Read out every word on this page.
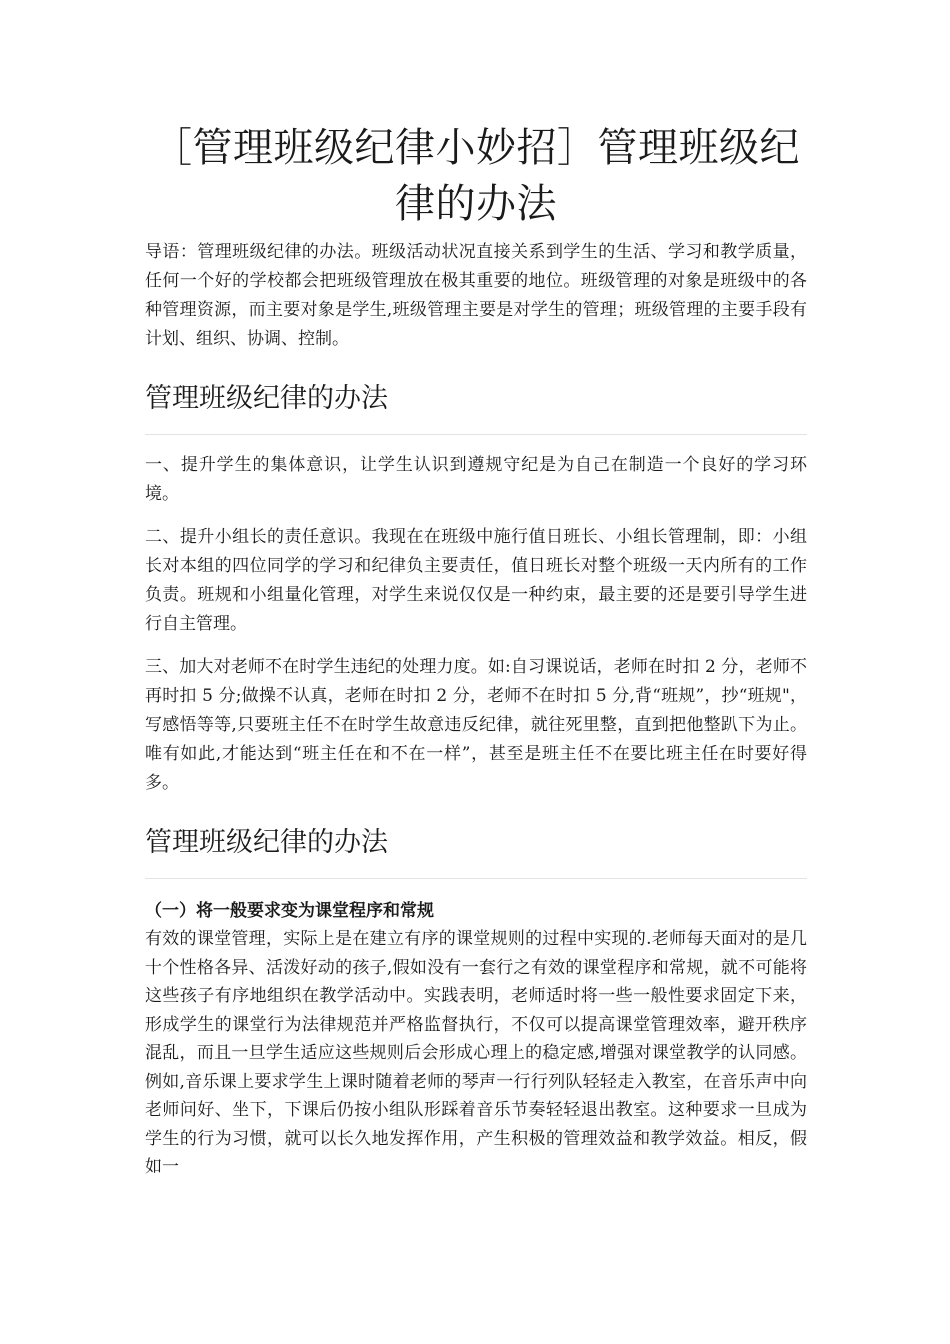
［管理班级纪律小妙招］管理班级纪律的办法

导语：管理班级纪律的办法。班级活动状况直接关系到学生的生活、学习和教学质量，任何一个好的学校都会把班级管理放在极其重要的地位。班级管理的对象是班级中的各种管理资源，而主要对象是学生,班级管理主要是对学生的管理；班级管理的主要手段有计划、组织、协调、控制。

管理班级纪律的办法

一、提升学生的集体意识，让学生认识到遵规守纪是为自己在制造一个良好的学习环境。

二、提升小组长的责任意识。我现在在班级中施行值日班长、小组长管理制，即：小组长对本组的四位同学的学习和纪律负主要责任，值日班长对整个班级一天内所有的工作负责。班规和小组量化管理，对学生来说仅仅是一种约束，最主要的还是要引导学生进行自主管理。

三、加大对老师不在时学生违纪的处理力度。如:自习课说话，老师在时扣 2 分，老师不再时扣 5 分;做操不认真，老师在时扣 2 分，老师不在时扣 5 分,背“班规”，抄“班规"，写感悟等等,只要班主任不在时学生故意违反纪律，就往死里整，直到把他整趴下为止。唯有如此,才能达到“班主任在和不在一样”，甚至是班主任不在要比班主任在时要好得多。

管理班级纪律的办法

（一）将一般要求变为课堂程序和常规

有效的课堂管理，实际上是在建立有序的课堂规则的过程中实现的.老师每天面对的是几十个性格各异、活泼好动的孩子,假如没有一套行之有效的课堂程序和常规，就不可能将这些孩子有序地组织在教学活动中。实践表明，老师适时将一些一般性要求固定下来，形成学生的课堂行为法律规范并严格监督执行，不仅可以提高课堂管理效率，避开秩序混乱，而且一旦学生适应这些规则后会形成心理上的稳定感,增强对课堂教学的认同感。例如,音乐课上要求学生上课时随着老师的琴声一行行列队轻轻走入教室，在音乐声中向老师问好、坐下，下课后仍按小组队形踩着音乐节奏轻轻退出教室。这种要求一旦成为学生的行为习惯，就可以长久地发挥作用，产生积极的管理效益和教学效益。相反，假如一
